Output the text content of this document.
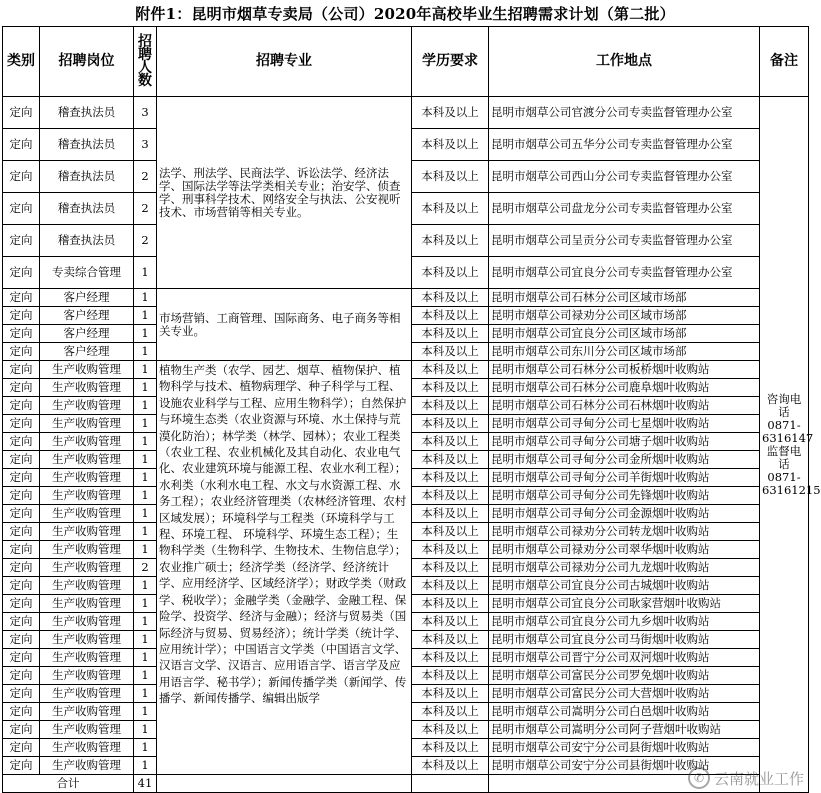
附件1：昆明市烟草专卖局（公司）2020年高校毕业生招聘需求计划（第二批）
类别	招聘岗位	招聘人数	招聘专业	学历要求	工作地点	备注
定向	稽查执法员	3	法学、刑法学、民商法学、诉讼法学、经济法学、国际法学等法学类相关专业；治安学、侦查学、刑事科学技术、网络安全与执法、公安视听技术、市场营销等相关专业。	本科及以上	昆明市烟草公司官渡分公司专卖监督管理办公室	咨询电话0871-6316147监督电话0871-63161215
定向	稽查执法员	3		本科及以上	昆明市烟草公司五华分公司专卖监督管理办公室	
定向	稽查执法员	2		本科及以上	昆明市烟草公司西山分公司专卖监督管理办公室	
定向	稽查执法员	2		本科及以上	昆明市烟草公司盘龙分公司专卖监督管理办公室	
定向	稽查执法员	2		本科及以上	昆明市烟草公司呈贡分公司专卖监督管理办公室	
定向	专卖综合管理	1		本科及以上	昆明市烟草公司宜良分公司专卖监督管理办公室	
定向	客户经理	1	市场营销、工商管理、国际商务、电子商务等相关专业。	本科及以上	昆明市烟草公司石林分公司区域市场部	
定向	客户经理	1		本科及以上	昆明市烟草公司禄劝分公司区域市场部	
定向	客户经理	1		本科及以上	昆明市烟草公司宜良分公司区域市场部	
定向	客户经理	1		本科及以上	昆明市烟草公司东川分公司区域市场部	
定向	生产收购管理	1	植物生产类（农学、园艺、烟草、植物保护、植物科学与技术、植物病理学、种子科学与工程、设施农业科学与工程、应用生物科学）；自然保护与环境生态类（农业资源与环境、水土保持与荒漠化防治）；林学类（林学、园林）；农业工程类（农业工程、农业机械化及其自动化、农业电气化、农业建筑环境与能源工程、农业水利工程）；水利类（水利水电工程、水文与水资源工程、水务工程）；农业经济管理类（农林经济管理、农村区域发展）；环境科学与工程类（环境科学与工程、环境工程、 环境科学、环境生态工程）；生物科学类（生物科学、生物技术、生物信息学）；农业推广硕士；经济学类（经济学、经济统计学、应用经济学、区域经济学）；财政学类（财政学、税收学）；金融学类（金融学、金融工程、保险学、投资学、经济与金融）；经济与贸易类（国际经济与贸易、贸易经济）；统计学类（统计学、应用统计学）；中国语言文学类（中国语言文学、汉语言文学、汉语言、应用语言学、语言学及应用语言学、秘书学）；新闻传播学类（新闻学、传播学、新闻传播学、编辑出版学	本科及以上	昆明市烟草公司石林分公司板桥烟叶收购站	
定向	生产收购管理	1		本科及以上	昆明市烟草公司石林分公司鹿阜烟叶收购站	
定向	生产收购管理	1		本科及以上	昆明市烟草公司石林分公司石林烟叶收购站	
定向	生产收购管理	1		本科及以上	昆明市烟草公司寻甸分公司七星烟叶收购站	
定向	生产收购管理	1		本科及以上	昆明市烟草公司寻甸分公司塘子烟叶收购站	
定向	生产收购管理	1		本科及以上	昆明市烟草公司寻甸分公司金所烟叶收购站	
定向	生产收购管理	1		本科及以上	昆明市烟草公司寻甸分公司羊街烟叶收购站	
定向	生产收购管理	1		本科及以上	昆明市烟草公司寻甸分公司先锋烟叶收购站	
定向	生产收购管理	1		本科及以上	昆明市烟草公司寻甸分公司金源烟叶收购站	
定向	生产收购管理	1		本科及以上	昆明市烟草公司禄劝分公司转龙烟叶收购站	
定向	生产收购管理	1		本科及以上	昆明市烟草公司禄劝分公司翠华烟叶收购站	
定向	生产收购管理	2		本科及以上	昆明市烟草公司禄劝分公司九龙烟叶收购站	
定向	生产收购管理	1		本科及以上	昆明市烟草公司宜良分公司古城烟叶收购站	
定向	生产收购管理	1		本科及以上	昆明市烟草公司宜良分公司耿家营烟叶收购站	
定向	生产收购管理	1		本科及以上	昆明市烟草公司宜良分公司九乡烟叶收购站	
定向	生产收购管理	1		本科及以上	昆明市烟草公司宜良分公司马街烟叶收购站	
定向	生产收购管理	1		本科及以上	昆明市烟草公司晋宁分公司双河烟叶收购站	
定向	生产收购管理	1		本科及以上	昆明市烟草公司富民分公司罗免烟叶收购站	
定向	生产收购管理	1		本科及以上	昆明市烟草公司富民分公司大营烟叶收购站	
定向	生产收购管理	1		本科及以上	昆明市烟草公司嵩明分公司白邑烟叶收购站	
定向	生产收购管理	1		本科及以上	昆明市烟草公司嵩明分公司阿子营烟叶收购站	
定向	生产收购管理	1		本科及以上	昆明市烟草公司安宁分公司县街烟叶收购站	
定向	生产收购管理	1		本科及以上	昆明市烟草公司安宁分公司县街烟叶收购站	
合计		41					✆ 云南就业工作
